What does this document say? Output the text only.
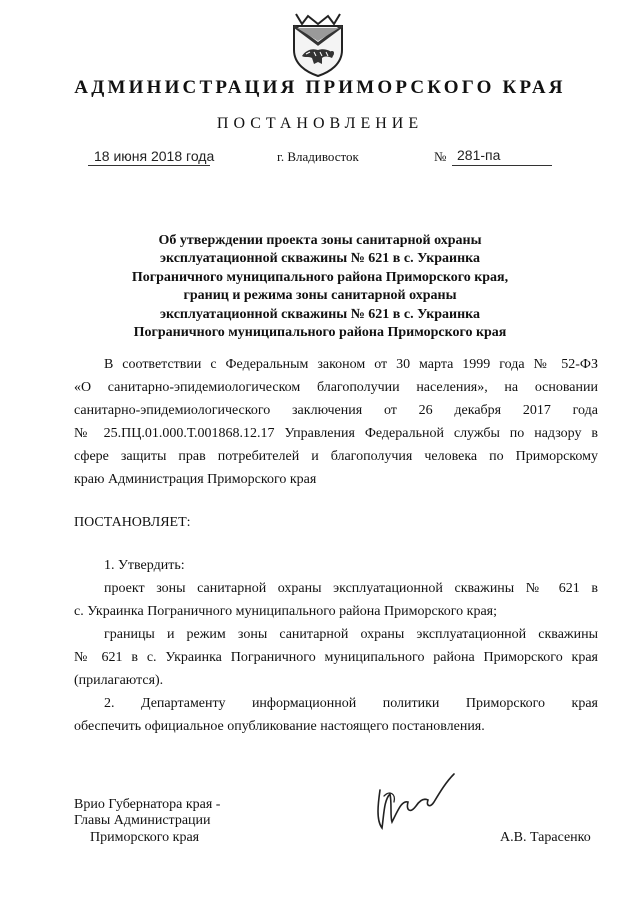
АДМИНИСТРАЦИЯ ПРИМОРСКОГО КРАЯ
ПОСТАНОВЛЕНИЕ
18 июня 2018 года	г. Владивосток	№ 281-па
Об утверждении проекта зоны санитарной охраны
эксплуатационной скважины № 621 в с. Украинка
Пограничного муниципального района Приморского края,
границ и режима зоны санитарной охраны
эксплуатационной скважины № 621 в с. Украинка
Пограничного муниципального района Приморского края
В соответствии с Федеральным законом от 30 марта 1999 года № 52-ФЗ
«О санитарно-эпидемиологическом благополучии населения», на основании
санитарно-эпидемиологического заключения от 26 декабря 2017 года
№ 25.ПЦ.01.000.Т.001868.12.17 Управления Федеральной службы по надзору в
сфере защиты прав потребителей и благополучия человека по Приморскому
краю Администрация Приморского края
ПОСТАНОВЛЯЕТ:
1. Утвердить:
проект зоны санитарной охраны эксплуатационной скважины № 621 в
с. Украинка Пограничного муниципального района Приморского края;
границы и режим зоны санитарной охраны эксплуатационной скважины
№ 621 в с. Украинка Пограничного муниципального района Приморского края
(прилагаются).
2. Департаменту информационной политики Приморского края
обеспечить официальное опубликование настоящего постановления.
Врио Губернатора края -
Главы Администрации
Приморского края	А.В. Тарасенко
